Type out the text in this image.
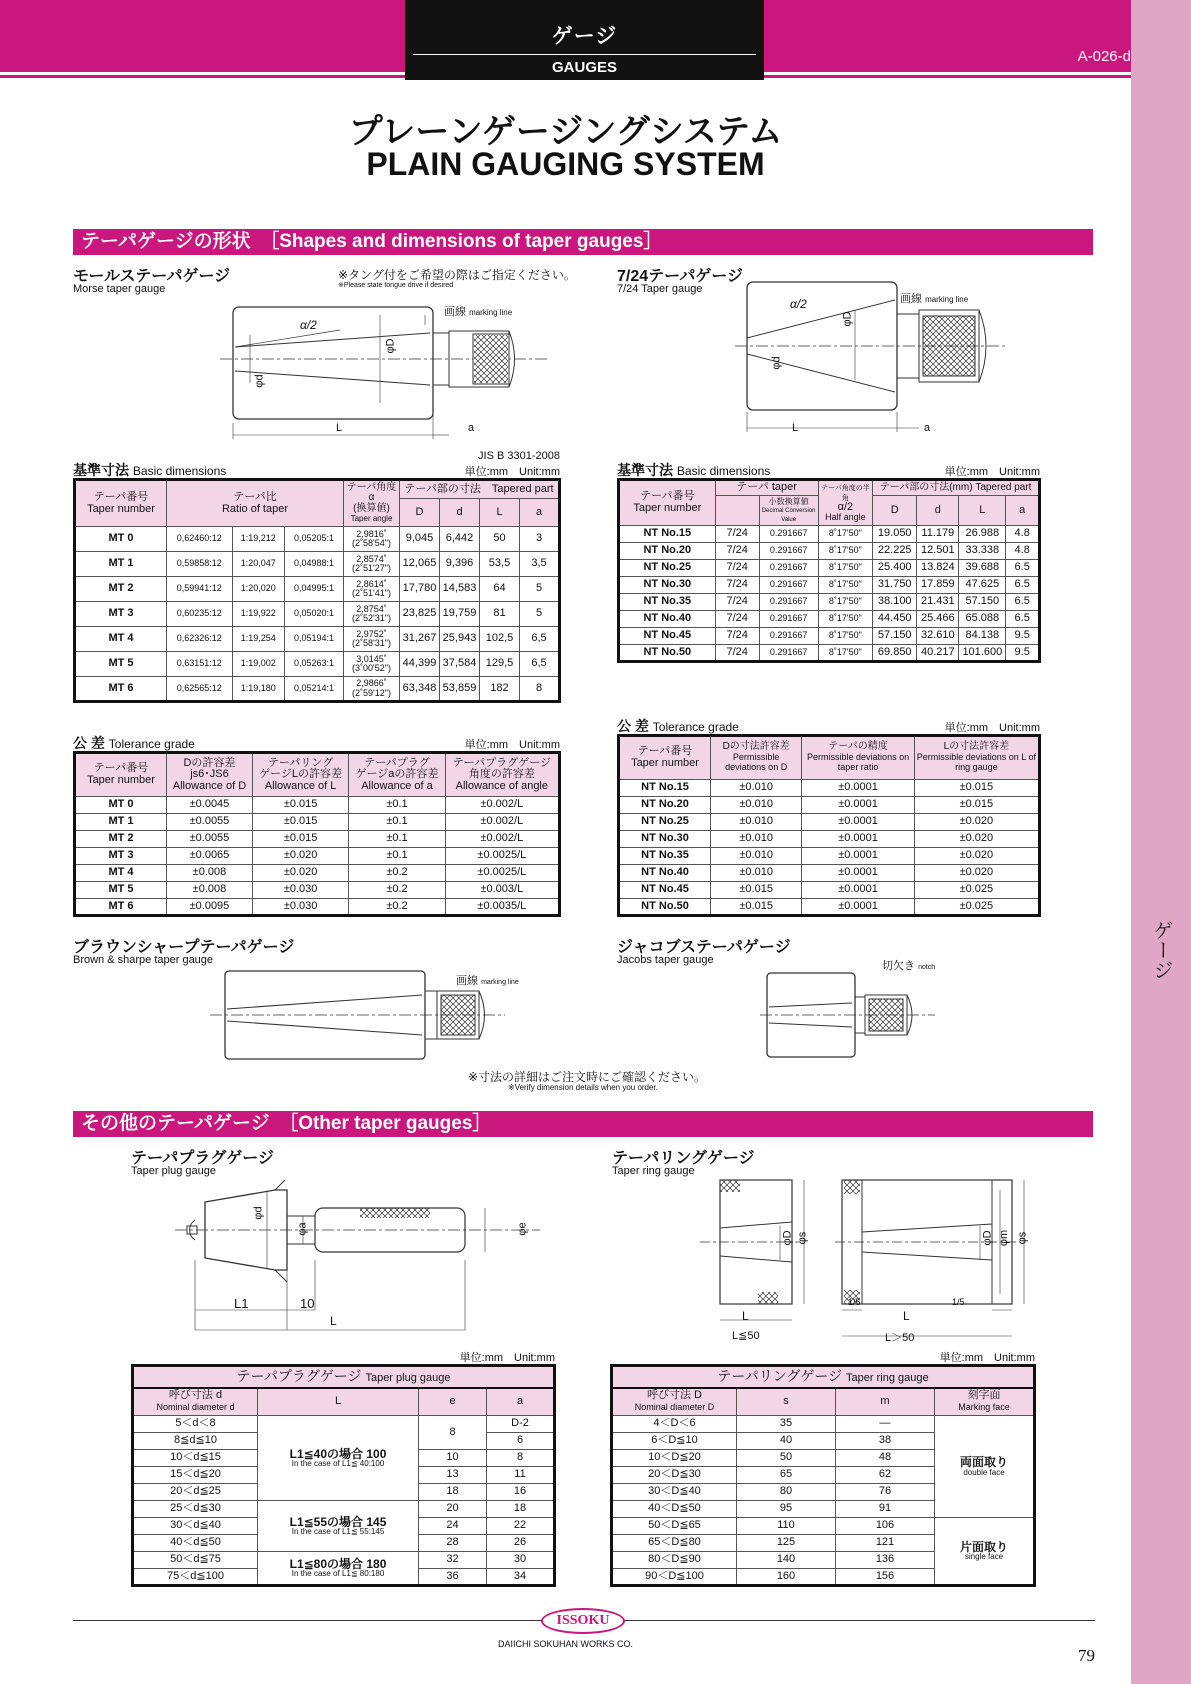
ゲージ
GAUGES
A-026-d
ゲージ
プレーンゲージングシステム
PLAIN GAUGING SYSTEM
テーパゲージの形状　 ［Shapes and dimensions of taper gauges］
モールステーパゲージ
Morse taper gauge
※タング付をご希望の際はご指定ください。
※Please state tongue drive if desired
α/2
φD
φd
L	a
画線 marking line
7/24テーパゲージ
7/24 Taper gauge
α/2
φD
φd
L	a
画線 marking line
基準寸法 Basic dimensions
JIS B 3301-2008
単位:mm　Unit:mm
テーパ番号
Taper number	テーパ比
Ratio of taper			テーパ角度α
(換算値)
Taper angle	テーパ部の寸法　 Tapered part			
					D	d	L	a
MT 0	0,62460:12	1:19,212	0,05205:1	2,9816˚
(2˚58'54")	9,045	6,442	50	3
MT 1	0,59858:12	1:20,047	0,04988:1	2,8574˚
(2˚51'27")	12,065	9,396	53,5	3,5
MT 2	0,59941:12	1:20,020	0,04995:1	2,8614˚
(2˚51'41")	17,780	14,583	64	5
MT 3	0,60235:12	1:19,922	0,05020:1	2,8754˚
(2˚52'31")	23,825	19,759	81	5
MT 4	0,62326:12	1:19,254	0,05194:1	2,9752˚
(2˚58'31")	31,267	25,943	102,5	6,5
MT 5	0,63151:12	1:19,002	0,05263:1	3,0145˚
(3˚00'52")	44,399	37,584	129,5	6,5
MT 6	0,62565:12	1:19,180	0,05214:1	2,9866˚
(2˚59'12")	63,348	53,859	182	8
基準寸法 Basic dimensions	単位:mm　Unit:mm
テーパ番号
Taper number	テーパ taper		テーパ角度の半角
α/2
Half angle	テーパ部の寸法(mm) Tapered part			
		小数換算値
Decimal Conversion Value		D	d	L	a
NT No.15	7/24	0.291667	8˚17'50"	19.050	11.179	26.988	4.8
NT No.20	7/24	0.291667	8˚17'50"	22.225	12.501	33.338	4.8
NT No.25	7/24	0.291667	8˚17'50"	25.400	13.824	39.688	6.5
NT No.30	7/24	0.291667	8˚17'50"	31.750	17.859	47.625	6.5
NT No.35	7/24	0.291667	8˚17'50"	38.100	21.431	57.150	6.5
NT No.40	7/24	0.291667	8˚17'50"	44.450	25.466	65.088	6.5
NT No.45	7/24	0.291667	8˚17'50"	57.150	32.610	84.138	9.5
NT No.50	7/24	0.291667	8˚17'50"	69.850	40.217	101.600	9.5
公 差 Tolerance grade	単位:mm　Unit:mm
テーパ番号
Taper number	Dの寸法許容差
Permissible deviations on D	テーパの精度
Permissible deviations on taper ratio	Lの寸法許容差
Permissible deviations on L of ring gauge
NT No.15	±0.010	±0.0001	±0.015
NT No.20	±0.010	±0.0001	±0.015
NT No.25	±0.010	±0.0001	±0.020
NT No.30	±0.010	±0.0001	±0.020
NT No.35	±0.010	±0.0001	±0.020
NT No.40	±0.010	±0.0001	±0.020
NT No.45	±0.015	±0.0001	±0.025
NT No.50	±0.015	±0.0001	±0.025
公 差 Tolerance grade	単位:mm　Unit:mm
テーパ番号
Taper number	Dの許容差
js6･JS6
Allowance of D	テーパリング
ゲージLの許容差
Allowance of L	テーパプラグ
ゲージaの許容差
Allowance of a	テーパプラグゲージ
角度の許容差
Allowance of angle
MT 0	±0.0045	±0.015	±0.1	±0.002/L
MT 1	±0.0055	±0.015	±0.1	±0.002/L
MT 2	±0.0055	±0.015	±0.1	±0.002/L
MT 3	±0.0065	±0.020	±0.1	±0.0025/L
MT 4	±0.008	±0.020	±0.2	±0.0025/L
MT 5	±0.008	±0.030	±0.2	±0.003/L
MT 6	±0.0095	±0.030	±0.2	±0.0035/L
ブラウンシャープテーパゲージ
Brown & sharpe taper gauge
画線 marking line
ジャコブステーパゲージ
Jacobs taper gauge	切欠き notch
※寸法の詳細はご注文時にご確認ください。
※Verify dimension details when you order.
その他のテーパゲージ　 ［Other taper gauges］
テーパプラグゲージ
Taper plug gauge
φd
φa	φe
L1	10
L
テーパリングゲージ
Taper ring gauge
φD φs	φD φm φs
L
L≦50
L
L＞50
1/5	1/5
単位:mm　Unit:mm
テーパプラグゲージ Taper plug gauge			
呼び寸法 d
Nominal diameter d	L	e	a
5＜d＜8	L1≦40の場合 100
In the case of L1≦ 40:100	8	D-2
8≦d≦10			6
10＜d≦15		10	8
15＜d≦20		13	11
20＜d≦25		18	16
25＜d≦30	L1≦55の場合 145
In the case of L1≦ 55:145	20	18
30＜d≦40		24	22
40＜d≦50		28	26
50＜d≦75	L1≦80の場合 180
In the case of L1≦ 80:180	32	30
75＜d≦100		36	34
単位:mm　Unit:mm
テーパリングゲージ Taper ring gauge			
呼び寸法 D
Nominal diameter D	s	m	刻字面
Marking face
4＜D＜6	35	—	両面取り
double face

6＜D≦10	40	38	
10＜D≦20	50	48	
20＜D≦30	65	62	
30＜D≦40	80	76	
40＜D≦50	95	91	
50＜D≦65	110	106	片面取り
single face

65＜D≦80	125	121	
80＜D≦90	140	136	
90＜D≦100	160	156	
ISSOKU
DAIICHI SOKUHAN WORKS CO.
79
